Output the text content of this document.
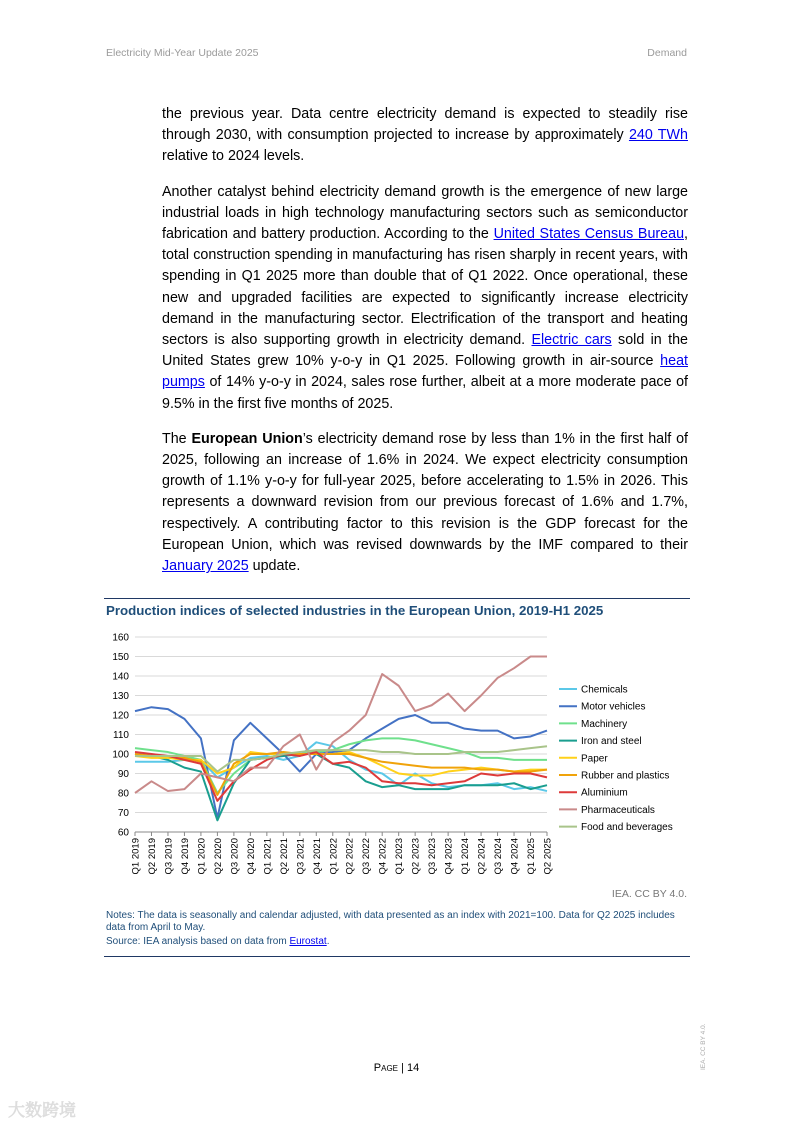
Electricity Mid-Year Update 2025	Demand

the previous year. Data centre electricity demand is expected to steadily rise through 2030, with consumption projected to increase by approximately 240 TWh relative to 2024 levels.

Another catalyst behind electricity demand growth is the emergence of new large industrial loads in high technology manufacturing sectors such as semiconductor fabrication and battery production. According to the United States Census Bureau, total construction spending in manufacturing has risen sharply in recent years, with spending in Q1 2025 more than double that of Q1 2022. Once operational, these new and upgraded facilities are expected to significantly increase electricity demand in the manufacturing sector. Electrification of the transport and heating sectors is also supporting growth in electricity demand. Electric cars sold in the United States grew 10% y-o-y in Q1 2025. Following growth in air-source heat pumps of 14% y-o-y in 2024, sales rose further, albeit at a more moderate pace of 9.5% in the first five months of 2025.

The European Union’s electricity demand rose by less than 1% in the first half of 2025, following an increase of 1.6% in 2024. We expect electricity consumption growth of 1.1% y-o-y for full-year 2025, before accelerating to 1.5% in 2026. This represents a downward revision from our previous forecast of 1.6% and 1.7%, respectively. A contributing factor to this revision is the GDP forecast for the European Union, which was revised downwards by the IMF compared to their January 2025 update.

Production indices of selected industries in the European Union, 2019-H1 2025
60
70
80
90
100
110
120
130
140
150
160
Q1 2019 Q2 2019 Q3 2019 Q4 2019 Q1 2020 Q2 2020 Q3 2020 Q4 2020 Q1 2021 Q2 2021 Q3 2021 Q4 2021 Q1 2022 Q2 2022 Q3 2022 Q4 2022 Q1 2023 Q2 2023 Q3 2023 Q4 2023 Q1 2024 Q2 2024 Q3 2024 Q4 2024 Q1 2025 Q2 2025
Chemicals
Motor vehicles
Machinery
Iron and steel
Paper
Rubber and plastics
Aluminium
Pharmaceuticals
Food and beverages
IEA. CC BY 4.0.
Notes: The data is seasonally and calendar adjusted, with data presented as an index with 2021=100. Data for Q2 2025 includes data from April to May.
Source: IEA analysis based on data from Eurostat.
Page | 14	IEA. CC BY 4.0.
大数跨境
